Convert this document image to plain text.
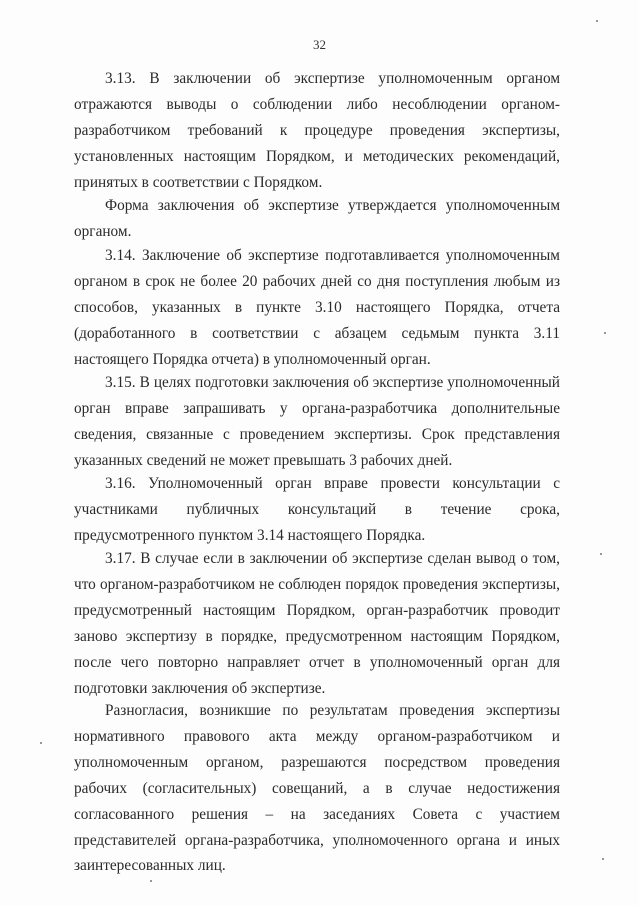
32

3.13. В заключении об экспертизе уполномоченным органом отражаются выводы о соблюдении либо несоблюдении органом-разработчиком требований к процедуре проведения экспертизы, установленных настоящим Порядком, и методических рекомендаций, принятых в соответствии с Порядком.

Форма заключения об экспертизе утверждается уполномоченным органом.

3.14. Заключение об экспертизе подготавливается уполномоченным органом в срок не более 20 рабочих дней со дня поступления любым из способов, указанных в пункте 3.10 настоящего Порядка, отчета (доработанного в соответствии с абзацем седьмым пункта 3.11 настоящего Порядка отчета) в уполномоченный орган.

3.15. В целях подготовки заключения об экспертизе уполномоченный орган вправе запрашивать у органа-разработчика дополнительные сведения, связанные с проведением экспертизы. Срок представления указанных сведений не может превышать 3 рабочих дней.

3.16. Уполномоченный орган вправе провести консультации с участниками публичных консультаций в течение срока, предусмотренного пунктом 3.14 настоящего Порядка.

3.17. В случае если в заключении об экспертизе сделан вывод о том, что органом-разработчиком не соблюден порядок проведения экспертизы, предусмотренный настоящим Порядком, орган-разработчик проводит заново экспертизу в порядке, предусмотренном настоящим Порядком, после чего повторно направляет отчет в уполномоченный орган для подготовки заключения об экспертизе.

Разногласия, возникшие по результатам проведения экспертизы нормативного правового акта между органом-разработчиком и уполномоченным органом, разрешаются посредством проведения рабочих (согласительных) совещаний, а в случае недостижения согласованного решения – на заседаниях Совета с участием представителей органа-разработчика, уполномоченного органа и иных заинтересованных лиц.
